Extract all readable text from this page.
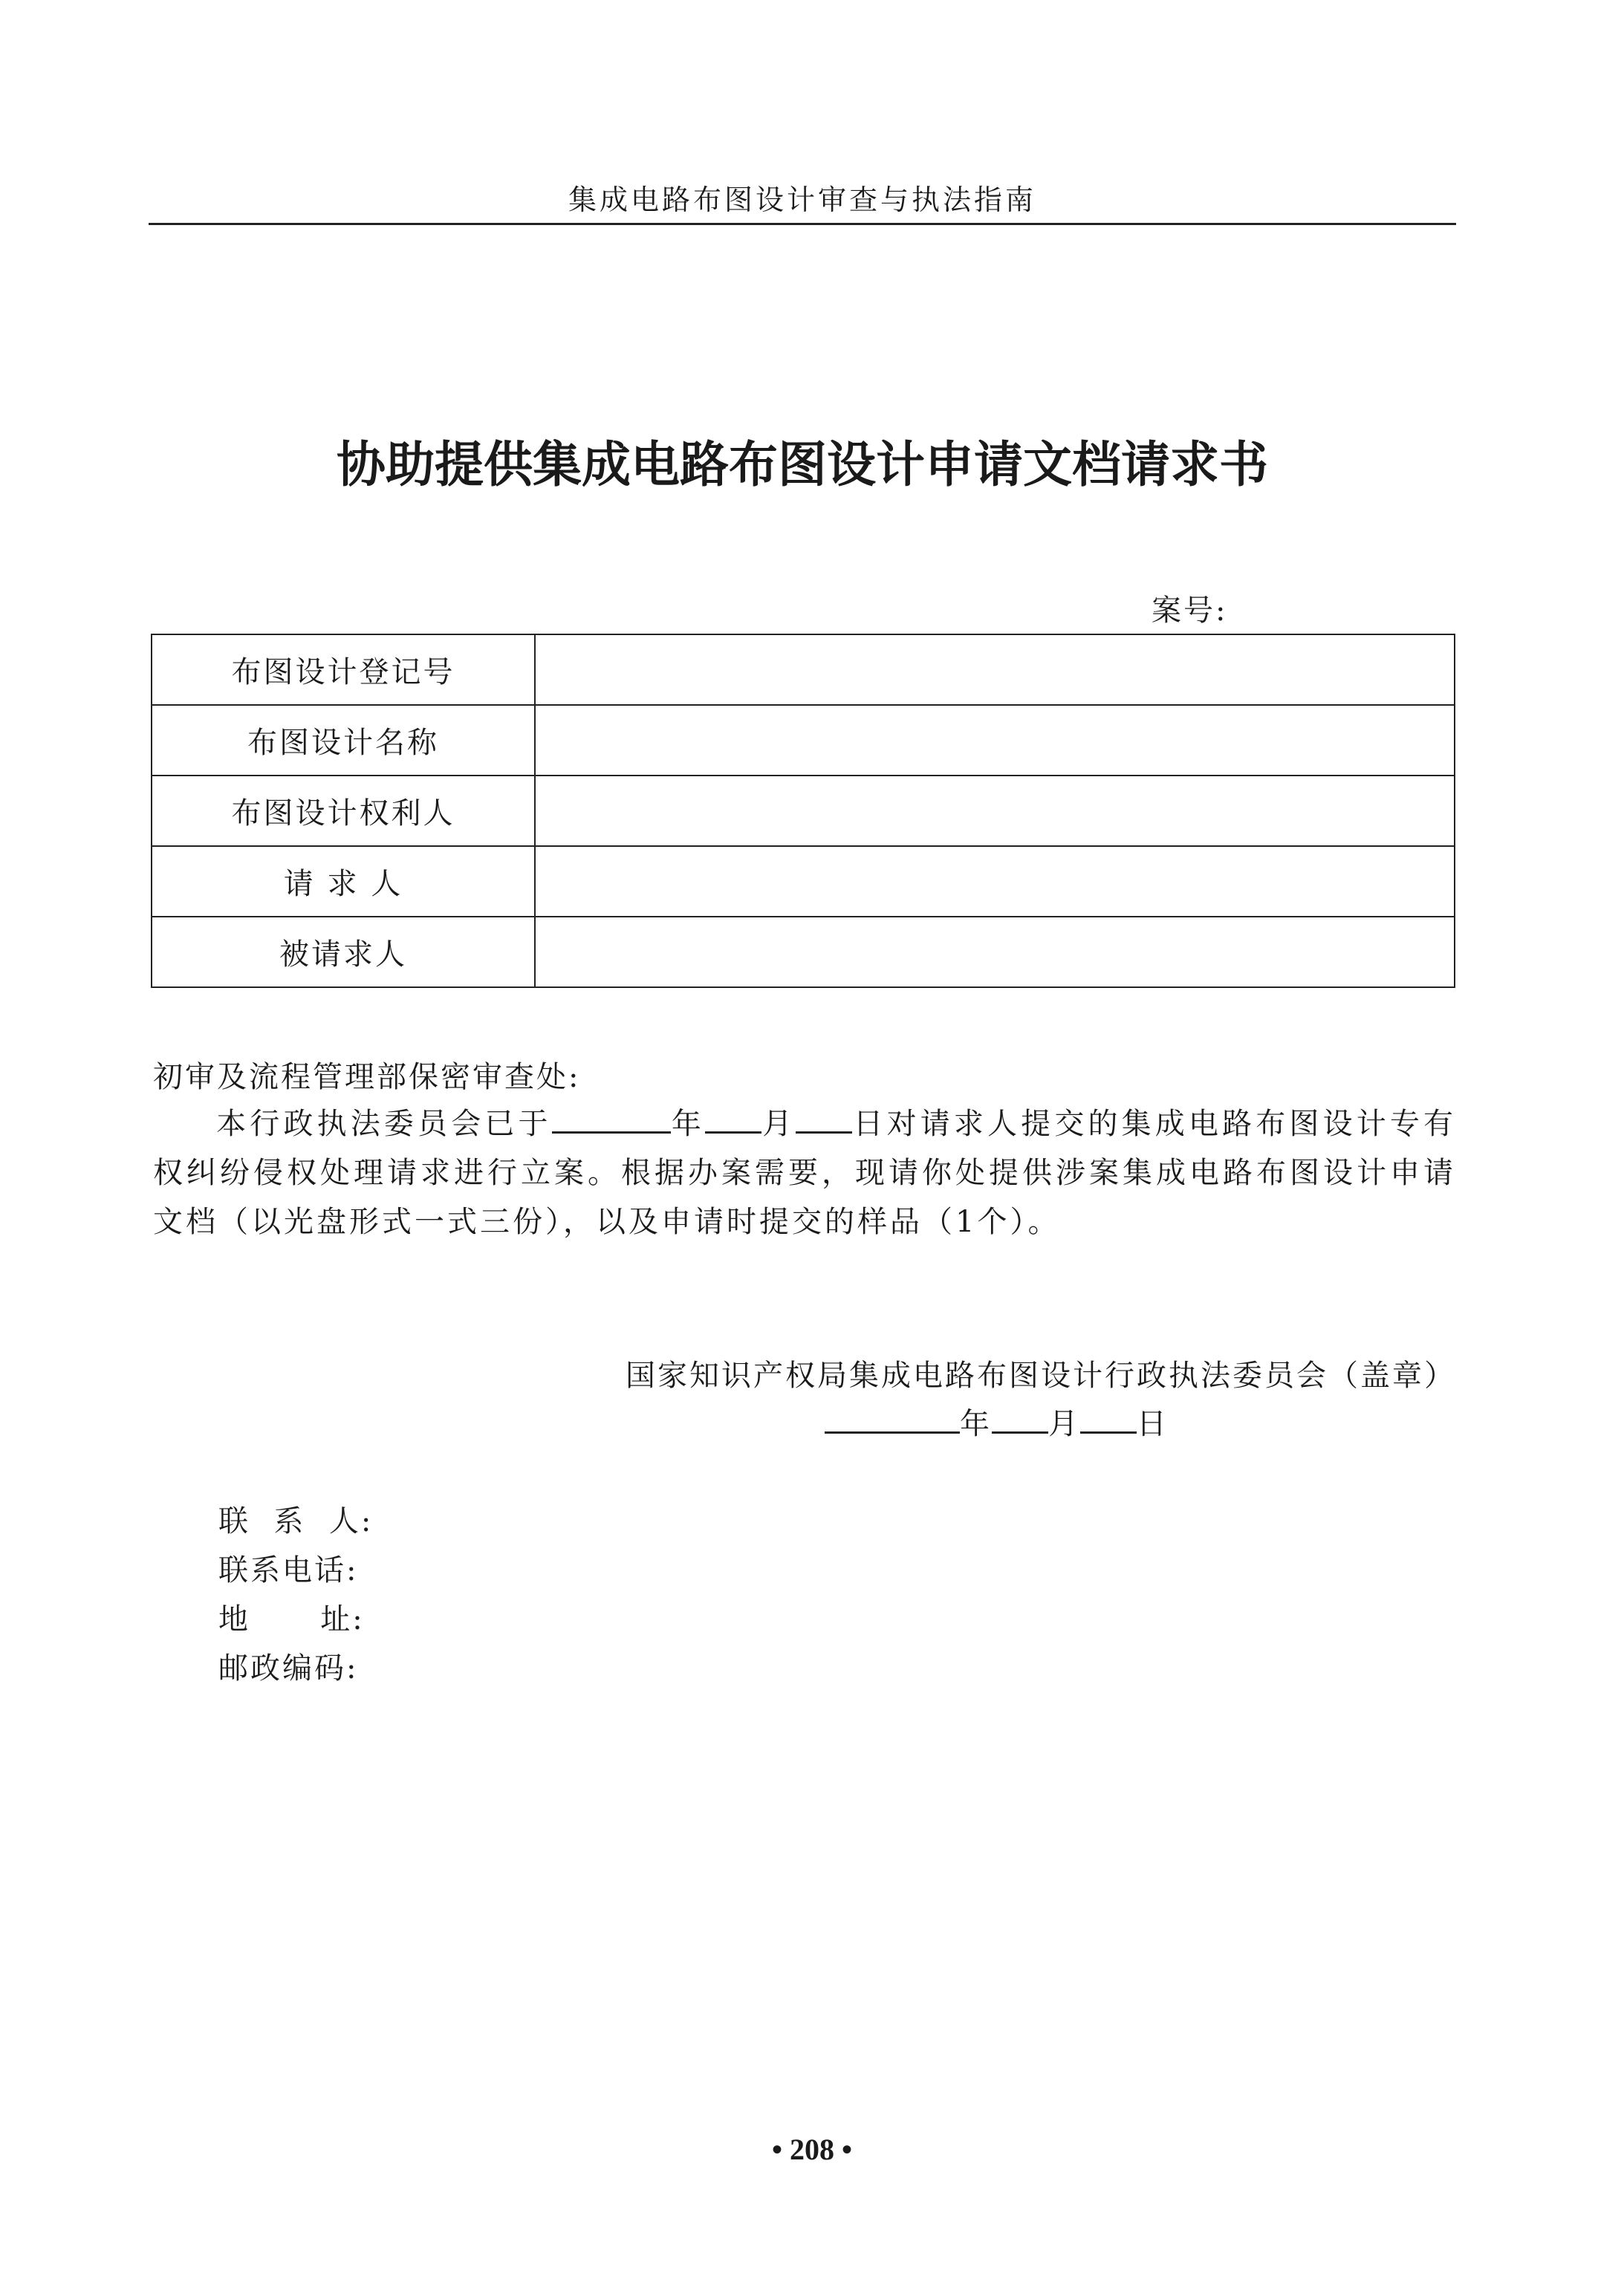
集成电路布图设计审查与执法指南
协助提供集成电路布图设计申请文档请求书
案号:
布图设计登记号	
布图设计名称	
布图设计权利人	
请 求 人	
被请求人	
初审及流程管理部保密审查处:

本行政执法委员会已于	年 月 日对请求人提交的集成电路布图设计专有权纠纷侵权处理请求进行立案。根据办案需要，现请你处提供涉案集成电路布图设计申请文档（以光盘形式一式三份），以及申请时提交的样品（1个）。

国家知识产权局集成电路布图设计行政执法委员会（盖章）
年 月 日
联  系  人:
联系电话:
地      址:
邮政编码:
• 208 •
